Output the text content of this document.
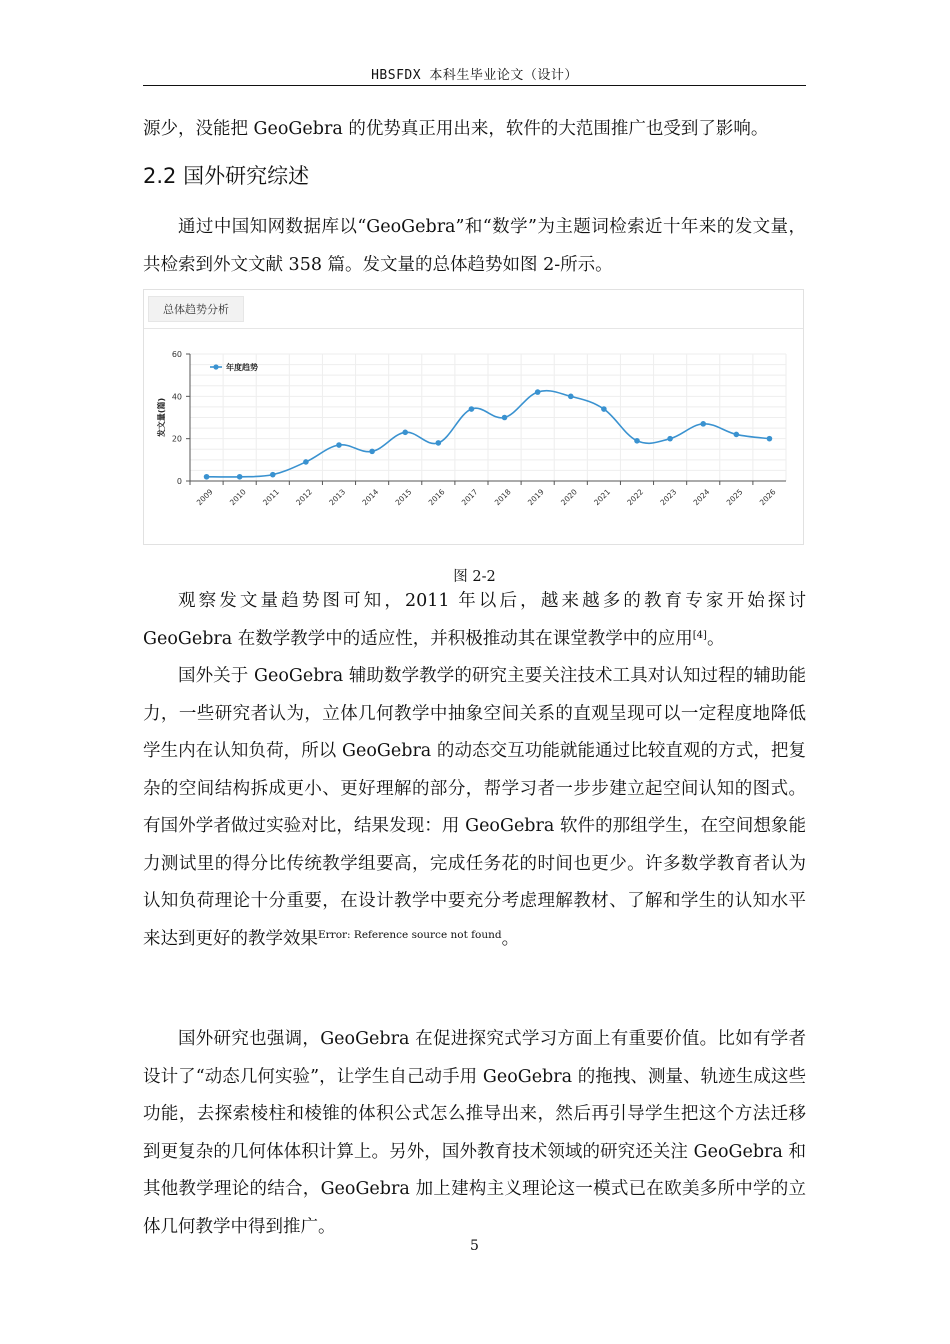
HBSFDX 本科生毕业论文（设计）

源少，没能把 GeoGebra 的优势真正用出来，软件的大范围推广也受到了影响。

2.2 国外研究综述

通过中国知网数据库以“GeoGebra”和“数学”为主题词检索近十年来的发文量，共检索到外文文献 358 篇。发文量的总体趋势如图 2-所示。

总体趋势分析
0
20
40
60
2009 2010 2011 2012 2013 2014 2015 2016 2017 2018 2019 2020 2021 2022 2023 2024 2025 2026
发文量(篇)
年度趋势
图 2-2

观察发文量趋势图可知，2011 年以后，越来越多的教育专家开始探讨 GeoGebra 在数学教学中的适应性，并积极推动其在课堂教学中的应用[4]。

国外关于 GeoGebra 辅助数学教学的研究主要关注技术工具对认知过程的辅助能力，一些研究者认为，立体几何教学中抽象空间关系的直观呈现可以一定程度地降低学生内在认知负荷，所以 GeoGebra 的动态交互功能就能通过比较直观的方式，把复杂的空间结构拆成更小、更好理解的部分，帮学习者一步步建立起空间认知的图式。有国外学者做过实验对比，结果发现：用 GeoGebra 软件的那组学生，在空间想象能力测试里的得分比传统教学组要高，完成任务花的时间也更少。许多数学教育者认为认知负荷理论十分重要，在设计教学中要充分考虑理解教材、了解和学生的认知水平来达到更好的教学效果$^{Error: Reference source not found}$。

国外研究也强调，GeoGebra 在促进探究式学习方面上有重要价值。比如有学者设计了“动态几何实验”，让学生自己动手用 GeoGebra 的拖拽、测量、轨迹生成这些功能，去探索棱柱和棱锥的体积公式怎么推导出来，然后再引导学生把这个方法迁移到更复杂的几何体体积计算上。另外，国外教育技术领域的研究还关注 GeoGebra 和其他教学理论的结合，GeoGebra 加上建构主义理论这一模式已在欧美多所中学的立体几何教学中得到推广。

5
